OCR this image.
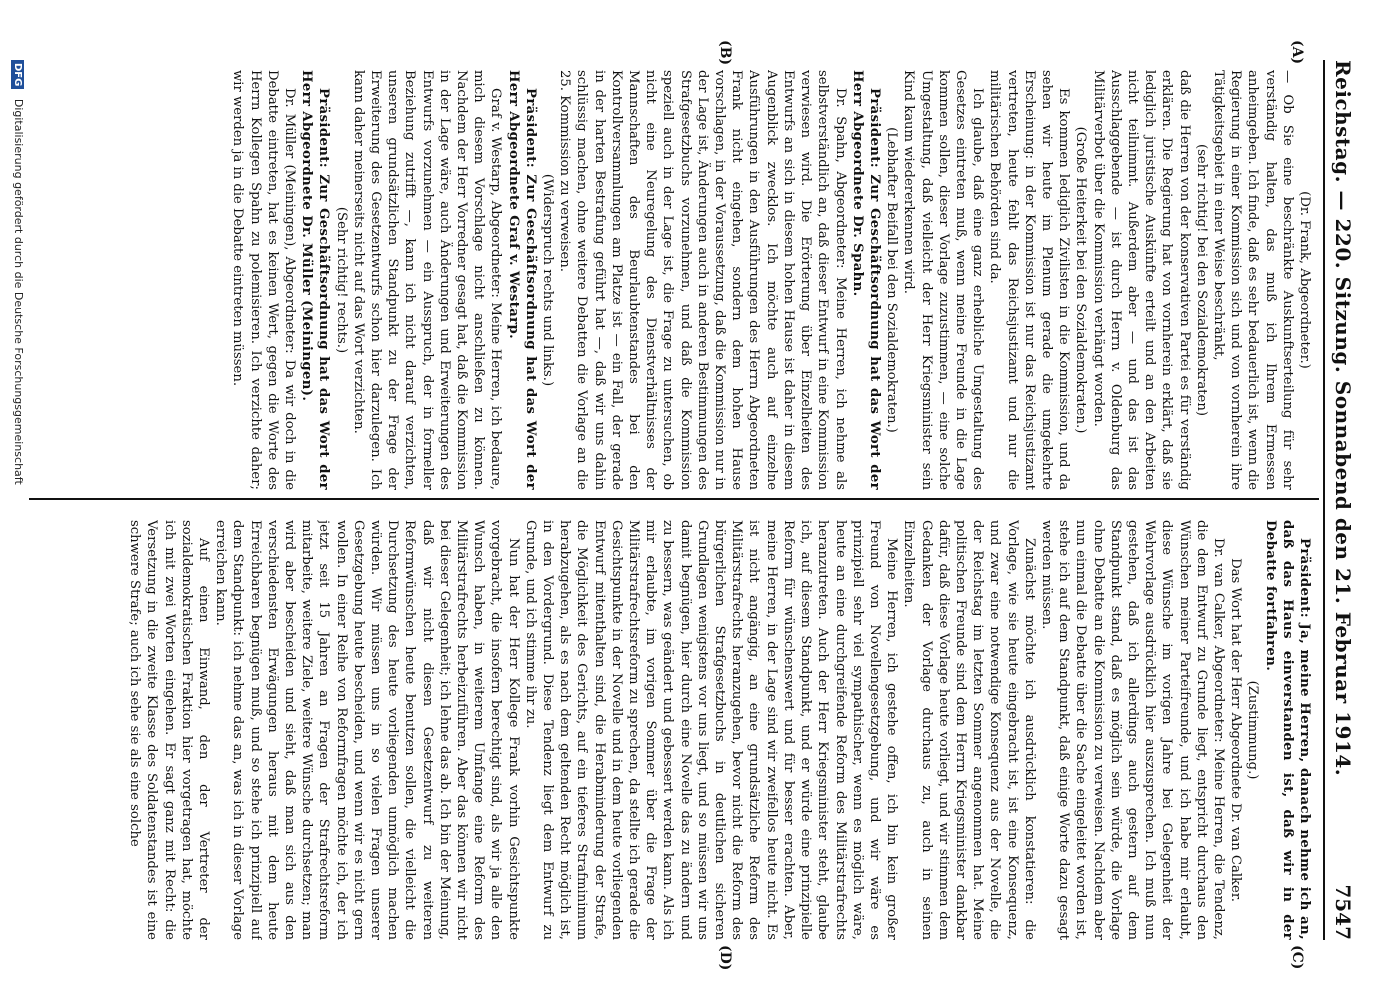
Reichstag. — 220. Sitzung. Sonnabend den 21. Februar 1914.
7547
(A)
(B)
(C)
(D)

(Dr. Frank, Abgeordneter.)

— Ob Sie eine beschränkte Auskunftserteilung für sehr verständig halten, das muß ich Ihrem Ermessen anheimgeben. Ich finde, daß es sehr bedauerlich ist, wenn die Regierung in einer Kommission sich und von vornherein ihre Tätigkeitsgebiet in einer Weise beschränkt,

(sehr richtig! bei den Sozialdemokraten)

daß die Herren von der konservativen Partei es für verständig erklären. Die Regierung hat von vornherein erklärt, daß sie lediglich juristische Auskünfte erteilt und an den Arbeiten nicht teilnimmt. Außerdem aber — und das ist das Ausschlaggebende — ist durch Herrn v. Oldenburg das Militärverbot über die Kommission verhängt worden.

(Große Heiterkeit bei den Sozialdemokraten.)

Es kommen lediglich Zivilisten in die Kommission, und da sehen wir heute im Plenum gerade die umgekehrte Erscheinung: in der Kommission ist nur das Reichsjustizamt vertreten, heute fehlt das Reichsjustizamt und nur die militärischen Behörden sind da.

Ich glaube, daß eine ganz erhebliche Umgestaltung des Gesetzes eintreten muß, wenn meine Freunde in die Lage kommen sollen, dieser Vorlage zuzustimmen, — eine solche Umgestaltung, daß vielleicht der Herr Kriegsminister sein Kind kaum wiedererkennen wird.

(Lebhafter Beifall bei den Sozialdemokraten.)

Präsident: Zur Geschäftsordnung hat das Wort der Herr Abgeordnete Dr. Spahn.

Dr. Spahn, Abgeordneter: Meine Herren, ich nehme als selbstverständlich an, daß dieser Entwurf in eine Kommission verwiesen wird. Die Erörterung über Einzelheiten des Entwurfs an sich in diesem hohen Hause ist daher in diesem Augenblick zwecklos. Ich möchte auch auf einzelne Ausführungen in den Ausführungen des Herrn Abgeordneten Frank nicht eingehen, sondern dem hohen Hause vorschlagen, in der Voraussetzung, daß die Kommission nur in der Lage ist, Änderungen auch in anderen Bestimmungen des Strafgesetzbuchs vorzunehmen, und daß die Kommission speziell auch in der Lage ist, die Frage zu untersuchen, ob nicht eine Neuregelung des Dienstverhältnisses der Mannschaften des Beurlaubtenstandes bei den Kontrollversammlungen am Platze ist — ein Fall, der gerade in der harten Bestrafung geführt hat —, daß wir uns dahin schlüssig machen, ohne weitere Debatten die Vorlage an die 25. Kommission zu verweisen.

(Widerspruch rechts und links.)

Präsident: Zur Geschäftsordnung hat das Wort der Herr Abgeordnete Graf v. Westarp.

Graf v. Westarp, Abgeordneter: Meine Herren, ich bedaure, mich diesem Vorschlage nicht anschließen zu können. Nachdem der Herr Vorredner gesagt hat, daß die Kommission in der Lage wäre, auch Änderungen und Erweiterungen des Entwurfs vorzunehmen — ein Ausspruch, der in formeller Beziehung zutrifft —, kann ich nicht darauf verzichten, unseren grundsätzlichen Standpunkt zu der Frage der Erweiterung des Gesetzentwurfs schon hier darzulegen. Ich kann daher meinerseits nicht auf das Wort verzichten.

(Sehr richtig! rechts.)

Präsident: Zur Geschäftsordnung hat das Wort der Herr Abgeordnete Dr. Müller (Meiningen).

Dr. Müller (Meiningen), Abgeordneter: Da wir doch in die Debatte eintreten, hat es keinen Wert, gegen die Worte des Herrn Kollegen Spahn zu polemisieren. Ich verzichte daher; wir werden ja in die Debatte eintreten müssen.

Präsident: Ja, meine Herren, danach nehme ich an, daß das Haus einverstanden ist, daß wir in der Debatte fortfahren.

(Zustimmung.)

Das Wort hat der Herr Abgeordnete Dr. van Calker.

Dr. van Calker, Abgeordneter: Meine Herren, die Tendenz, die dem Entwurf zu Grunde liegt, entspricht durchaus den Wünschen meiner Parteifreunde, und ich habe mir erlaubt, diese Wünsche im vorigen Jahre bei Gelegenheit der Wehrvorlage ausdrücklich hier auszusprechen. Ich muß nun gestehen, daß ich allerdings auch gestern auf dem Standpunkt stand, daß es möglich sein würde, die Vorlage ohne Debatte an die Kommission zu verweisen. Nachdem aber nun einmal die Debatte über die Sache eingeleitet worden ist, stehe ich auf dem Standpunkt, daß einige Worte dazu gesagt werden müssen.

Zunächst möchte ich ausdrücklich konstatieren: die Vorlage, wie sie heute eingebracht ist, ist eine Konsequenz, und zwar eine notwendige Konsequenz aus der Novelle, die der Reichstag im letzten Sommer angenommen hat. Meine politischen Freunde sind dem Herrn Kriegsminister dankbar dafür, daß diese Vorlage heute vorliegt, und wir stimmen dem Gedanken der Vorlage durchaus zu, auch in seinen Einzelheiten.

Meine Herren, ich gestehe offen, ich bin kein großer Freund von Novellengesetzgebung, und wir wäre es prinzipiell sehr viel sympathischer, wenn es möglich wäre, heute an eine durchgreifende Reform des Militärstrafrechts heranzutreten. Auch der Herr Kriegsminister steht, glaube ich, auf diesem Standpunkt, und er würde eine prinzipielle Reform für wünschenswert und für besser erachten. Aber, meine Herren, in der Lage sind wir zweifellos heute nicht. Es ist nicht angängig, an eine grundsätzliche Reform des Militärstrafrechts heranzugehen, bevor nicht die Reform des bürgerlichen Strafgesetzbuchs in deutlichen sicheren Grundlagen wenigstens vor uns liegt, und so müssen wir uns damit begnügen, hier durch eine Novelle das zu ändern und zu bessern, was geändert und gebessert werden kann. Als ich mir erlaubte, im vorigen Sommer über die Frage der Militärstrafrechtsreform zu sprechen, da stellte ich gerade die Gesichtspunkte in der Novelle und in dem heute vorliegenden Entwurf mitenthalten sind, die Herabminderung der Strafe, die Möglichkeit des Gerichts, auf ein tieferes Strafminimum herabzugehen, als es nach dem geltenden Recht möglich ist, in den Vordergrund. Diese Tendenz liegt dem Entwurf zu Grunde, und ich stimme ihr zu.

Nun hat der Herr Kollege Frank vorhin Gesichtspunkte vorgebracht, die insofern berechtigt sind, als wir ja alle den Wunsch haben, in weiterem Umfange eine Reform des Militärstrafrechts herbeizuführen. Aber das können wir nicht bei dieser Gelegenheit; ich lehne das ab. Ich bin der Meinung, daß wir nicht diesen Gesetzentwurf zu weiteren Reformwünschen heute benutzen sollen, die vielleicht die Durchsetzung des heute vorliegenden unmöglich machen würden. Wir müssen uns in so vielen Fragen unserer Gesetzgebung heute bescheiden, und wenn wir es nicht gern wollen. In einer Reihe von Reformfragen möchte ich, der ich jetzt seit 15 Jahren an Fragen der Strafrechtsreform mitarbeite, weitere Ziele, weitere Wünsche durchsetzen; man wird aber bescheiden und sieht, daß man sich aus den verschiedensten Erwägungen heraus mit dem heute Erreichbaren begnügen muß, und so stehe ich prinzipiell auf dem Standpunkt: ich nehme das an, was ich in dieser Vorlage erreichen kann.

Auf einen Einwand, den der Vertreter der sozialdemokratischen Fraktion hier vorgetragen hat, möchte ich mit zwei Worten eingehen. Er sagt ganz mit Recht: die Versetzung in die zweite Klasse des Soldatenstandes ist eine schwere Strafe; auch ich sehe sie als eine solche

DFG Digitalisierung gefördert durch die Deutsche Forschungsgemeinschaft
